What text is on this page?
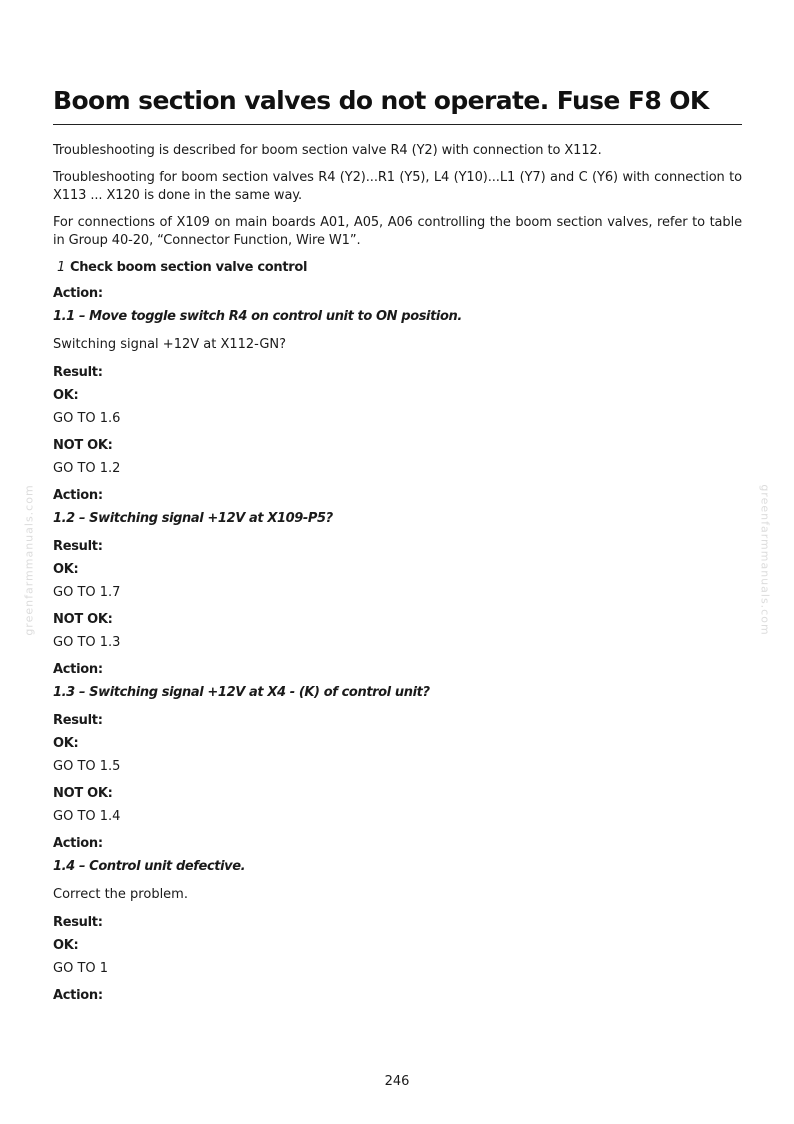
greenfarmmanuals.com	greenfarmmanuals.com
Boom section valves do not operate. Fuse F8 OK

Troubleshooting is described for boom section valve R4 (Y2) with connection to X112.

Troubleshooting for boom section valves R4 (Y2)...R1 (Y5), L4 (Y10)...L1 (Y7) and C (Y6) with connection to X113 ... X120 is done in the same way.

For connections of X109 on main boards A01, A05, A06 controlling the boom section valves, refer to table in Group 40-20, “Connector Function, Wire W1”.

1 Check boom section valve control
Action:
1.1 – Move toggle switch R4 on control unit to ON position.
Switching signal +12V at X112-GN?
Result:
OK:
GO TO 1.6
NOT OK:
GO TO 1.2
Action:
1.2 – Switching signal +12V at X109-P5?
Result:
OK:
GO TO 1.7
NOT OK:
GO TO 1.3
Action:
1.3 – Switching signal +12V at X4 - (K) of control unit?
Result:
OK:
GO TO 1.5
NOT OK:
GO TO 1.4
Action:
1.4 – Control unit defective.
Correct the problem.
Result:
OK:
GO TO 1
Action:
246
